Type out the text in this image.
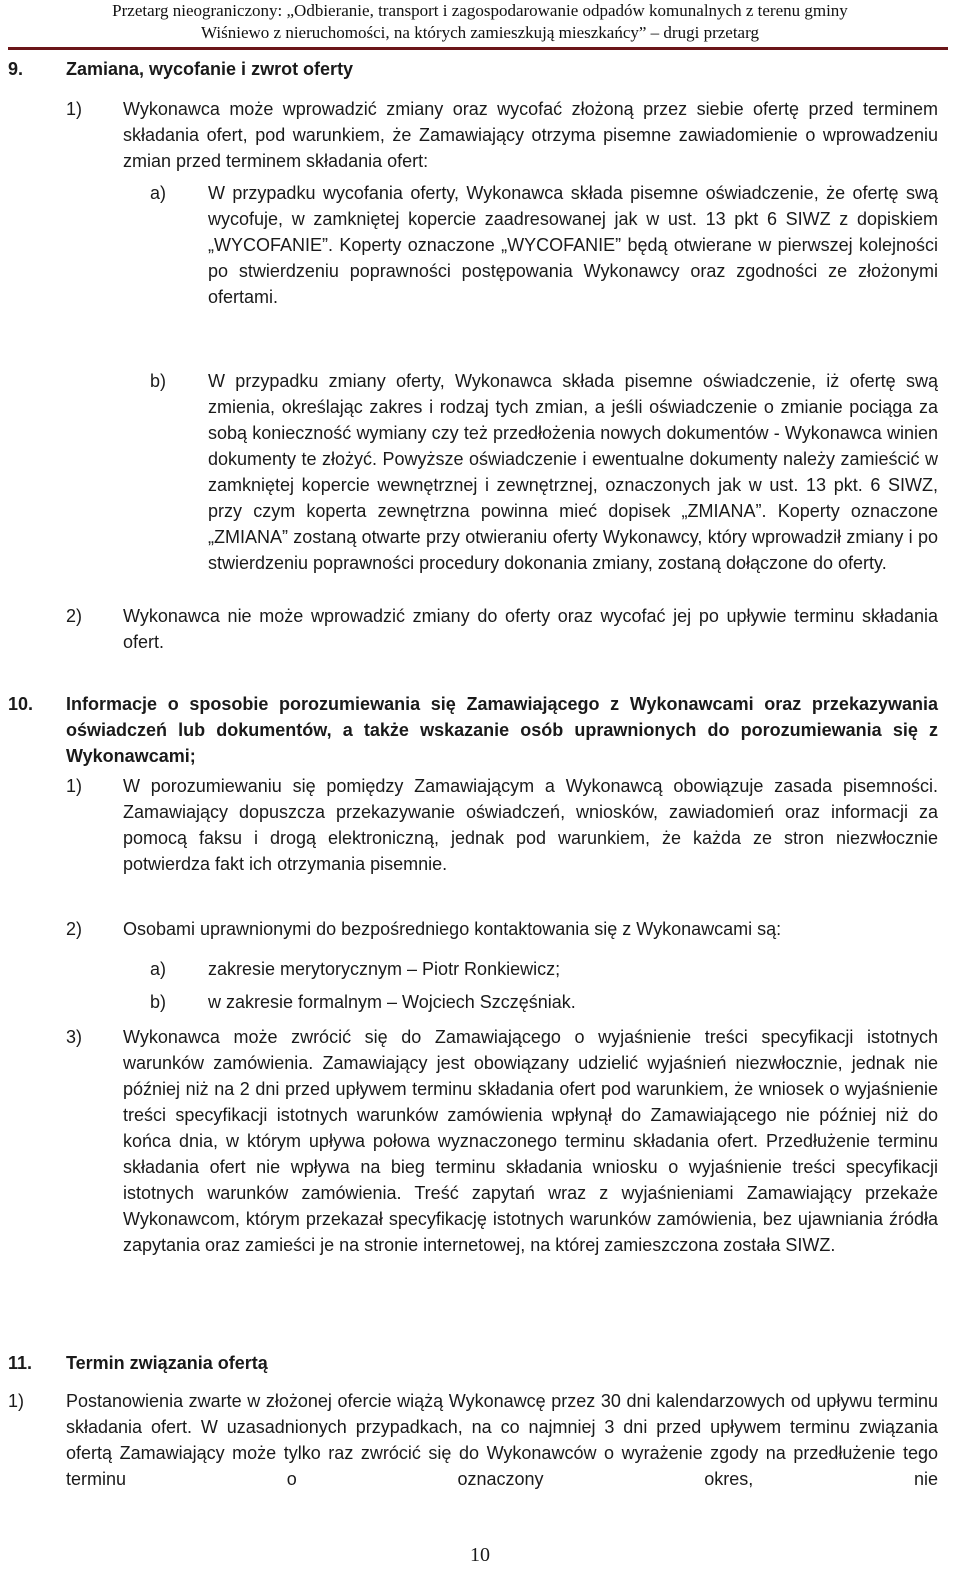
Przetarg nieograniczony: „Odbieranie, transport i zagospodarowanie odpadów komunalnych z terenu gminy
Wiśniewo z nieruchomości, na których zamieszkują mieszkańcy” – drugi przetarg
9. Zamiana, wycofanie i zwrot oferty
1) Wykonawca może wprowadzić zmiany oraz wycofać złożoną przez siebie ofertę przed terminem składania ofert, pod warunkiem, że Zamawiający otrzyma pisemne zawiadomienie o wprowadzeniu zmian przed terminem składania ofert:
a) W przypadku wycofania oferty, Wykonawca składa pisemne oświadczenie, że ofertę swą wycofuje, w zamkniętej kopercie zaadresowanej jak w ust. 13 pkt 6 SIWZ z dopiskiem „WYCOFANIE”. Koperty oznaczone „WYCOFANIE” będą otwierane w pierwszej kolejności po stwierdzeniu poprawności postępowania Wykonawcy oraz zgodności ze złożonymi ofertami.
b) W przypadku zmiany oferty, Wykonawca składa pisemne oświadczenie, iż ofertę swą zmienia, określając zakres i rodzaj tych zmian, a jeśli oświadczenie o zmianie pociąga za sobą konieczność wymiany czy też przedłożenia nowych dokumentów - Wykonawca winien dokumenty te złożyć. Powyższe oświadczenie i ewentualne dokumenty należy zamieścić w zamkniętej kopercie wewnętrznej i zewnętrznej, oznaczonych jak w ust. 13 pkt. 6 SIWZ, przy czym koperta zewnętrzna powinna mieć dopisek „ZMIANA”. Koperty oznaczone „ZMIANA” zostaną otwarte przy otwieraniu oferty Wykonawcy, który wprowadził zmiany i po stwierdzeniu poprawności procedury dokonania zmiany, zostaną dołączone do oferty.
2) Wykonawca nie może wprowadzić zmiany do oferty oraz wycofać jej po upływie terminu składania ofert.
10. Informacje o sposobie porozumiewania się Zamawiającego z Wykonawcami oraz przekazywania oświadczeń lub dokumentów, a także wskazanie osób uprawnionych do porozumiewania się z Wykonawcami;
1) W porozumiewaniu się pomiędzy Zamawiającym a Wykonawcą obowiązuje zasada pisemności. Zamawiający dopuszcza przekazywanie oświadczeń, wniosków, zawiadomień oraz informacji za pomocą faksu i drogą elektroniczną, jednak pod warunkiem, że każda ze stron niezwłocznie potwierdza fakt ich otrzymania pisemnie.
2) Osobami uprawnionymi do bezpośredniego kontaktowania się z Wykonawcami są:
a) zakresie merytorycznym – Piotr Ronkiewicz;
b) w zakresie formalnym – Wojciech Szczęśniak.
3) Wykonawca może zwrócić się do Zamawiającego o wyjaśnienie treści specyfikacji istotnych warunków zamówienia. Zamawiający jest obowiązany udzielić wyjaśnień niezwłocznie, jednak nie później niż na 2 dni przed upływem terminu składania ofert pod warunkiem, że wniosek o wyjaśnienie treści specyfikacji istotnych warunków zamówienia wpłynął do Zamawiającego nie później niż do końca dnia, w którym upływa połowa wyznaczonego terminu składania ofert. Przedłużenie terminu składania ofert nie wpływa na bieg terminu składania wniosku o wyjaśnienie treści specyfikacji istotnych warunków zamówienia. Treść zapytań wraz z wyjaśnieniami Zamawiający przekaże Wykonawcom, którym przekazał specyfikację istotnych warunków zamówienia, bez ujawniania źródła zapytania oraz zamieści je na stronie internetowej, na której zamieszczona została SIWZ.
11. Termin związania ofertą
1) Postanowienia zwarte w złożonej ofercie wiążą Wykonawcę przez 30 dni kalendarzowych od upływu terminu składania ofert. W uzasadnionych przypadkach, na co najmniej 3 dni przed upływem terminu związania ofertą Zamawiający może tylko raz zwrócić się do Wykonawców o wyrażenie zgody na przedłużenie tego terminu o oznaczony okres, nie
10
